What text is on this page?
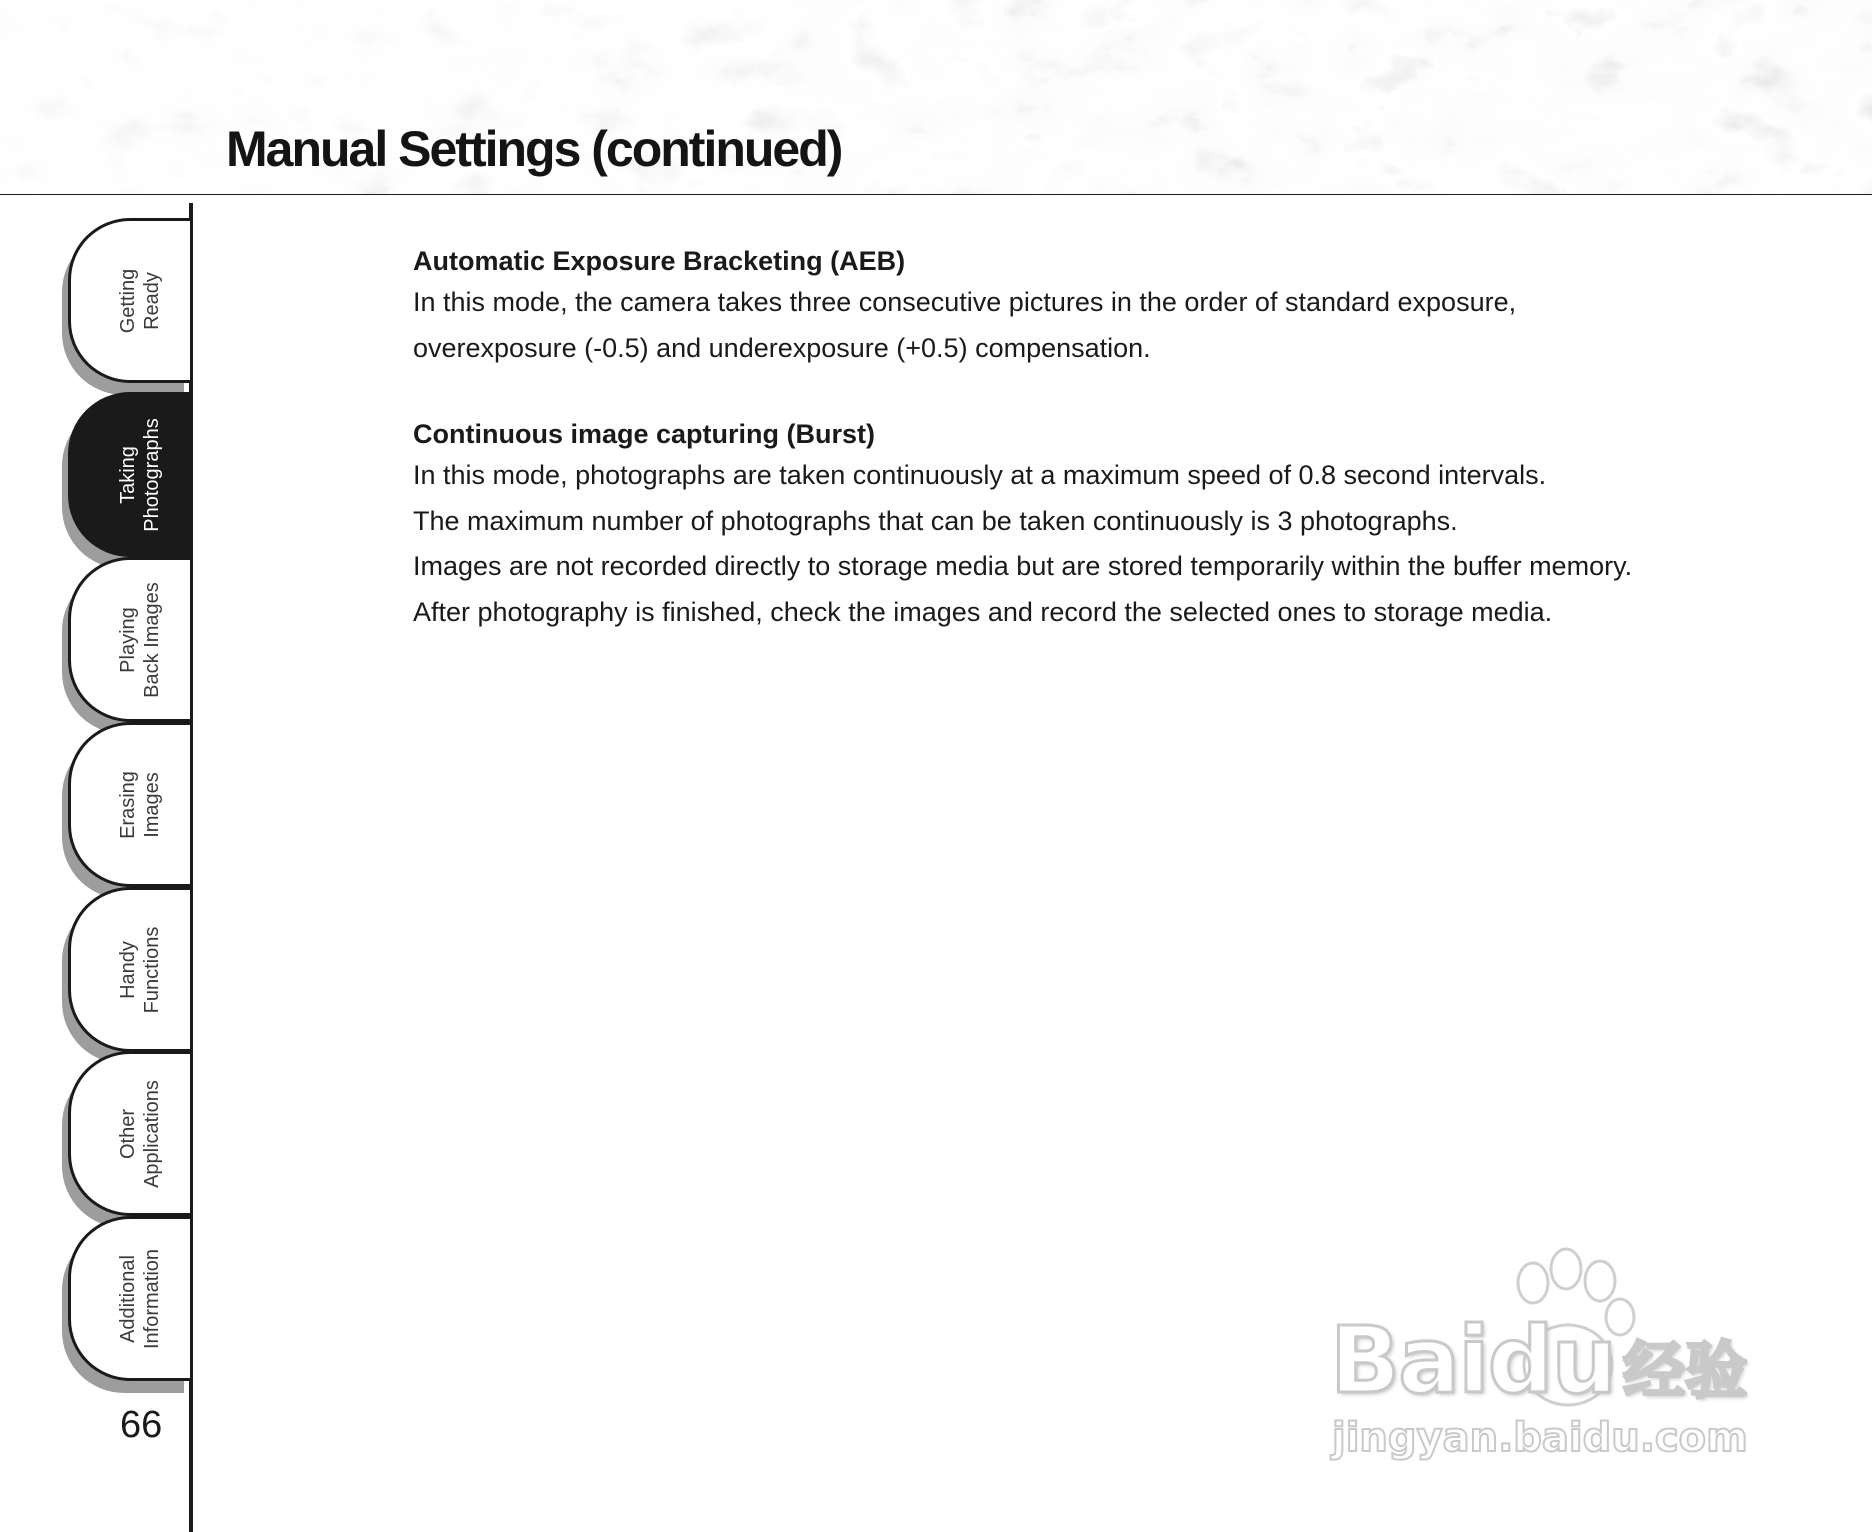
Manual Settings (continued)
Getting
Ready
Taking
Photographs
Playing
Back Images
Erasing
Images
Handy
Functions
Other
Applications
Additional
Information
66
Automatic Exposure Bracketing (AEB)

In this mode, the camera takes three consecutive pictures in the order of standard exposure,

overexposure (-0.5) and underexposure (+0.5) compensation.

Continuous image capturing (Burst)

In this mode, photographs are taken continuously at a maximum speed of 0.8 second intervals.

The maximum number of photographs that can be taken continuously is 3 photographs.

Images are not recorded directly to storage media but are stored temporarily within the buffer memory.

After photography is finished, check the images and record the selected ones to storage media.

Baidu 经验
jingyan.baidu.com
